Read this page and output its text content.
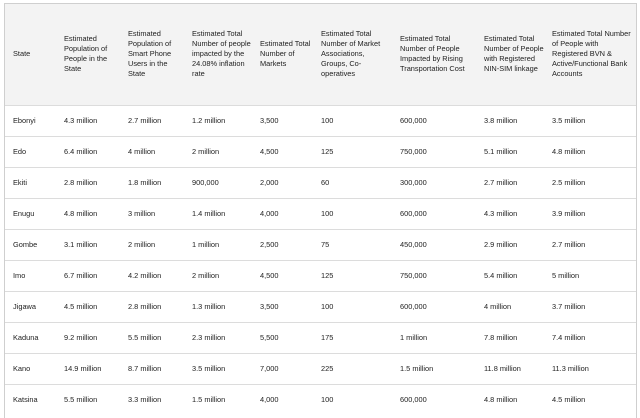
State	Estimated Population of People in the State	Estimated Population of Smart Phone Users in the State	Estimated Total Number of people impacted by the 24.08% inflation rate	Estimated Total Number of Markets	Estimated Total Number of Market Associations, Groups, Co-operatives	Estimated Total Number of People Impacted by Rising Transportation Cost	Estimated Total Number of People with Registered NIN-SIM linkage	Estimated Total Number of People with Registered BVN & Active/Functional Bank Accounts
Ebonyi	4.3 million	2.7 million	1.2 million	3,500	100	600,000	3.8 million	3.5 million
Edo	6.4 million	4 million	2 million	4,500	125	750,000	5.1 million	4.8 million
Ekiti	2.8 million	1.8 million	900,000	2,000	60	300,000	2.7 million	2.5 million
Enugu	4.8 million	3 million	1.4 million	4,000	100	600,000	4.3 million	3.9 million
Gombe	3.1 million	2 million	1 million	2,500	75	450,000	2.9 million	2.7 million
Imo	6.7 million	4.2 million	2 million	4,500	125	750,000	5.4 million	5 million
Jigawa	4.5 million	2.8 million	1.3 million	3,500	100	600,000	4 million	3.7 million
Kaduna	9.2 million	5.5 million	2.3 million	5,500	175	1 million	7.8 million	7.4 million
Kano	14.9 million	8.7 million	3.5 million	7,000	225	1.5 million	11.8 million	11.3 million
Katsina	5.5 million	3.3 million	1.5 million	4,000	100	600,000	4.8 million	4.5 million
